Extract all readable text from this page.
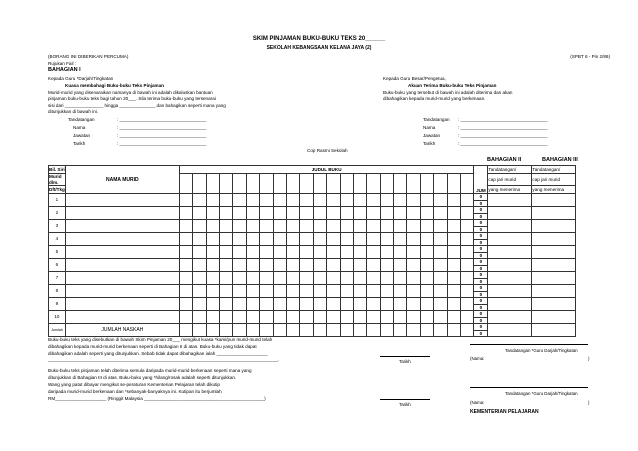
SKIM PINJAMAN BUKU-BUKU TEKS 20______
SEKOLAH KEBANGSAAN KELANA JAYA (2)
(BORANG INI DIBERIKAN PERCUMA)	(SPBT 6 - Pin 2/89)
Rujukan Fail :
BAHAGIAN I
Kepada Guru *Darjah/Tingkatan
Kuasa membahagi Buku-buku Teks Pinjaman
Murid-murid yang disenaraikan namanya di bawah ini adalah dikaluskan bantuan
pinjaman buku-buku teks bagi tahun 20___. Sila terima buku-buku yang tersenarai
sisi dari _______________ hingga ______________ dan bahagikan seperti mana yang
ditunjukkan di bawah ini.
Tandatangan	: __________________________________
Nama	: __________________________________
Jawatan	: __________________________________
Tarikh	: __________________________________
Kepada Guru Besar/Pengetua,
Akuan Terima Buku-buku Teks Pinjaman
Buku-buku yang tersebut di bawah ini adalah diterima dan akan
dibahagikan kepada murid-murid yang berkenaan.
Tandatangan : __________________________________
Nama	: __________________________________
Jawatan	: __________________________________
Tarikh	: __________________________________
Cop Rasmi Sekolah
BAHAGIAN II	BAHAGIAN III
Bil. Siri	NAMA MURID	JUDUL BUKU																						JUM	Tandatangan/	Tandatangan/
Murid dlm.																									cap jari murid	cap jari murid
Dft/Tkg																									yang menerima	yang menerima
1																								0		
																								0		
2																								0		
																								0		
3																								0		
																								0		
4																								0		
																								0		
5																								0		
																								0		
6																								0		
																								0		
7																								0		
																								0		
8																								0		
																								0		
9																								0		
																								0		
10																								0		
																								0		
Jumlah	JUMLAH NASKAH																							0		
																								0		
Buku-buku teks yang disebutkan di bawah Skim Pinjaman 20___ mengikut kuasa *kami/pun murid-murid telah
dibahagikan kepada murid-murid berkenaan seperti di Bahagian II di atas. Buku-buku yang tidak dapat
dibahagikan adalah seperti yang ditunjukkan. Sebab tidak dapat dibahagikan ialah ____________________
__________________________________________________________________________________________.	Tarikh
Tandatangan *Guru Darjah/Tingkatan
(Nama:	)
Buku-buku teks pinjaman telah diterima semula daripada murid-murid berkenaan seperti mana yang
ditunjukkan di Bahagian III di atas. Buku-buku yang *hilang/rosak adalah seperti ditunjukkan.
Wang yang patut dibayar mengikut se-peraturan Kementerian Pelajaran telah dikutip
daripada murid-murid berkenaan dan *sebanyak-banyaknya ini. Kutipan itu berjumlah
RM____________________ (Ringgit Malaysia _______________________________________________)
Tarikh
Tandatangan *Guru Darjah/Tingkatan
(Nama:	)
KEMENTERIAN PELAJARAN
